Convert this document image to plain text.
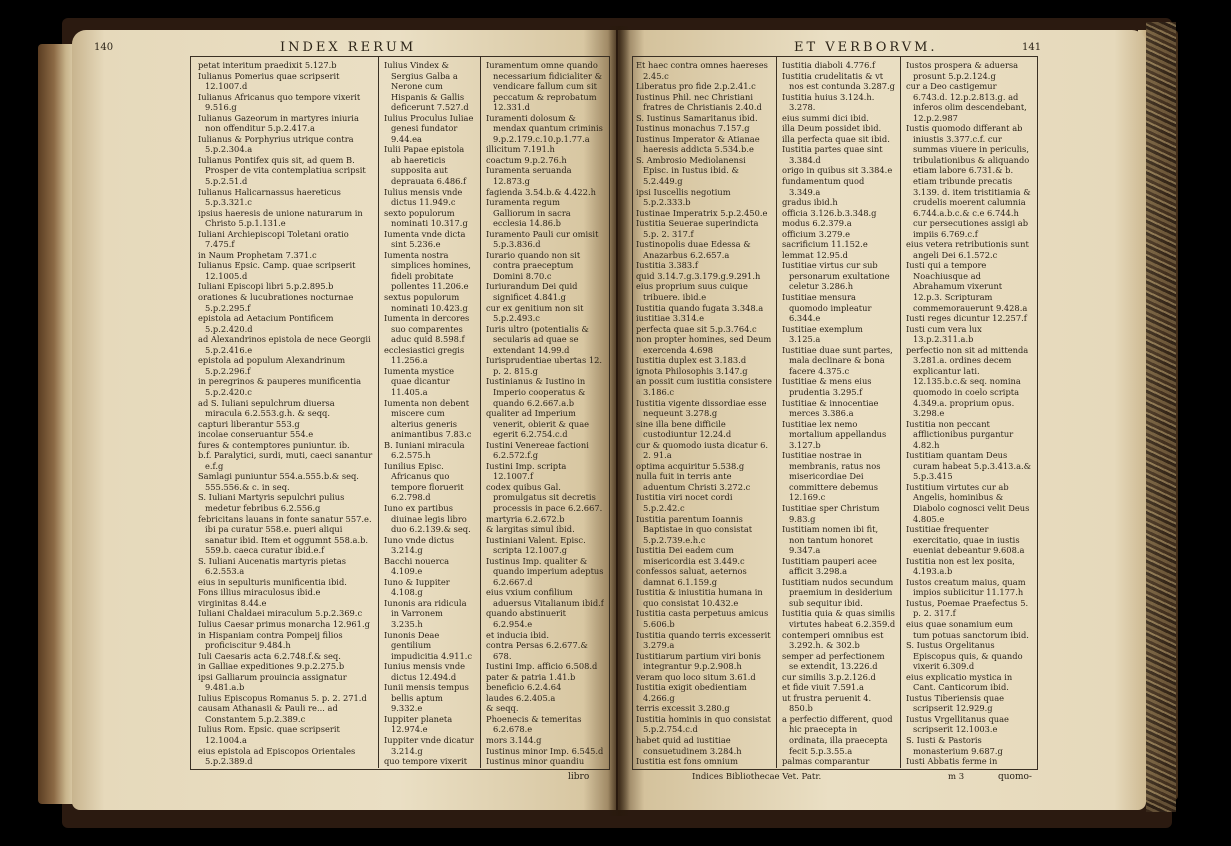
140	INDEX RERUM

petat interitum praedixit 5.127.b

Iulianus Pomerius quae scripserit 12.1007.d

Iulianus Africanus quo tempore vixerit 9.516.g

Iulianus Gazeorum in martyres iniuria non offenditur 5.p.2.417.a

Iulianus & Porphyrius utrique contra 5.p.2.304.a

Iulianus Pontifex quis sit, ad quem B. Prosper de vita contemplatiua scripsit 5.p.2.51.d

Iulianus Halicarnassus haereticus 5.p.3.321.c

ipsius haeresis de unione naturarum in Christo 5.p.1.131.e

Iuliani Archiepiscopi Toletani oratio 7.475.f

in Naum Prophetam 7.371.c

Iulianus Epsic. Camp. quae scripserit 12.1005.d

Iuliani Episcopi libri 5.p.2.895.b

orationes & lucubrationes nocturnae 5.p.2.295.f

epistola ad Aetacium Pontificem 5.p.2.420.d

ad Alexandrinos epistola de nece Georgii 5.p.2.416.e

epistola ad populum Alexandrinum 5.p.2.296.f

in peregrinos & pauperes munificentia 5.p.2.420.c

ad S. Iuliani sepulchrum diuersa miracula 6.2.553.g.h. & seqq.

capturi liberantur 553.g

incolae conseruantur 554.e

fures & contemptores puniuntur. ib.

b.f. Paralytici, surdi, muti, caeci sanantur e.f.g

Samlagi puniuntur 554.a.555.b.& seq. 555.556.& c. in seq.

S. Iuliani Martyris sepulchri pulius medetur febribus 6.2.556.g

febricitans lauans in fonte sanatur 557.e. ibi pa curatur 558.e. pueri aliqui sanatur ibid. Item et oggumnt 558.a.b. 559.b. caeca curatur ibid.e.f

S. Iuliani Aucenatis martyris pietas 6.2.553.a

eius in sepulturis munificentia ibid.

Fons illius miraculosus ibid.e

virginitas 8.44.e

Iuliani Chaldaei miraculum 5.p.2.369.c

Iulius Caesar primus monarcha 12.961.g

in Hispaniam contra Pompeij filios proficiscitur 9.484.h

Iuli Caesaris acta 6.2.748.f.& seq.

in Galliae expeditiones 9.p.2.275.b

ipsi Galliarum prouincia assignatur 9.481.a.b

Iulius Episcopus Romanus 5. p. 2. 271.d

causam Athanasii & Pauli re... ad Constantem 5.p.2.389.c

Iulius Rom. Epsic. quae scripserit 12.1004.a

eius epistola ad Episcopos Orientales 5.p.2.389.d

Iulius Vindex & Sergius Galba a Nerone cum Hispanis & Gallis deficerunt 7.527.d

Iulius Proculus Iuliae genesi fundator 9.44.ea

Iulii Papae epistola ab haereticis supposita aut deprauata 6.486.f

Iulius mensis vnde dictus 11.949.c

sexto populorum nominati 10.317.g

Iumenta vnde dicta sint 5.236.e

Iumenta nostra simplices homines, fideli probitate pollentes 11.206.e

sextus populorum nominati 10.423.g

Iumenta in dercores suo comparentes aduc quid 8.598.f

ecclesiastici gregis 11.256.a

Iumenta mystice quae dicantur 11.405.a

Iumenta non debent miscere cum alterius generis animantibus 7.83.c

B. Iuniani miracula 6.2.575.h

Iunilius Episc. Africanus quo tempore floruerit 6.2.798.d

Iuno ex partibus diuinae legis libro duo 6.2.139.& seq.

Iuno vnde dictus 3.214.g

Bacchi nouerca 4.109.e

Iuno & Iuppiter 4.108.g

Iunonis ara ridicula in Varronem 3.235.h

Iunonis Deae gentilium impudicitia 4.911.c

Iunius mensis vnde dictus 12.494.d

Iunii mensis tempus bellis aptum 9.332.e

Iuppiter planeta 12.974.e

Iuppiter vnde dicatur 3.214.g

quo tempore vixerit

Iuramentum omne quando necessarium fidicialiter & vendicare fallum cum sit peccatum & reprobatum 12.331.d

Iuramenti dolosum & mendax quantum criminis 9.p.2.179.c.10.p.1.77.a

illicitum 7.191.h

coactum 9.p.2.76.h

Iuramenta seruanda 12.873.g

fagienda 3.54.b.& 4.422.h

Iuramenta regum Galliorum in sacra ecclesia 14.86.b

Iuramento Pauli cur omisit 5.p.3.836.d

Iurario quando non sit contra praeceptum Domini 8.70.c

Iuriurandum Dei quid significet 4.841.g

cur ex genitium non sit 5.p.2.493.c

Iuris ultro (potentialis & secularis ad quae se extendant 14.99.d

Iurisprudentiae ubertas 12. p. 2. 815.g

Iustinianus & Iustino in Imperio cooperatus & quando 6.2.667.a.b

qualiter ad Imperium venerit, obierit & quae egerit 6.2.754.c.d

Iustini Venereae factioni 6.2.572.f.g

Iustini Imp. scripta 12.1007.f

codex quibus Gal. promulgatus sit decretis processis in pace 6.2.667.

martyria 6.2.672.b

& largitas simul ibid.

Iustiniani Valent. Episc. scripta 12.1007.g

Iustinus Imp. qualiter & quando imperium adeptus 6.2.667.d

eius vxium confilium aduersus Vitalianum ibid.f

quando abstinuerit 6.2.954.e

et inducia ibid.

contra Persas 6.2.677.& 678.

Iustini Imp. afficio 6.508.d

pater & patria 1.41.b

beneficio 6.2.4.64

laudes 6.2.405.a

& seqq.

Phoenecis & temeritas 6.2.678.e

mors 3.144.g

Iustinus minor Imp. 6.545.d

Iustinus minor quandiu

libro
ET VERBORVM.	141

Et haec contra omnes haereses 2.45.c

Liberatus pro fide 2.p.2.41.c

Iustinus Phil. nec Christiani fratres de Christianis 2.40.d

S. Iustinus Samaritanus ibid.

Iustinus monachus 7.157.g

Iustinus Imperator & Atianae haeresis addicta 5.534.b.e

S. Ambrosio Mediolanensi Episc. in Iustus ibid. & 5.2.449.g

ipsi Iuscellis negotium 5.p.2.333.b

Iustinae Imperatrix 5.p.2.450.e

Iustitia Seuerae superindicta 5.p. 2. 317.f

Iustinopolis duae Edessa & Anazarbus 6.2.657.a

Iustitia 3.383.f

quid 3.14.7.g.3.179.g.9.291.h

eius proprium suus cuique tribuere. ibid.e

Iustitia quando fugata 3.348.a

iustitiae 3.314.e

perfecta quae sit 5.p.3.764.c

non propter homines, sed Deum exercenda 4.698

Iustitia duplex est 3.183.d

ignota Philosophis 3.147.g

an possit cum iustitia consistere 3.186.c

Iustitia vigente dissordiae esse nequeunt 3.278.g

sine illa bene difficile custodiuntur 12.24.d

cur & quomodo iusta dicatur 6. 2. 91.a

optima acquiritur 5.538.g

nulla fuit in terris ante aduentum Christi 3.272.c

Iustitia viri nocet cordi 5.p.2.42.c

Iustitia parentum Ioannis Baptistae in quo consistat 5.p.2.739.e.h.c

Iustitia Dei eadem cum misericordia est 3.449.c

confessos saluat, aeternos damnat 6.1.159.g

Iustitia & iniustitia humana in quo consistat 10.432.e

Iustitia casta perpetuus amicus 5.606.b

Iustitia quando terris excesserit 3.279.a

Iustitiarum partium viri bonis integrantur 9.p.2.908.h

veram quo loco situm 3.61.d

Iustitia exigit obedientiam 4.266.g

terris excessit 3.280.g

Iustitia hominis in quo consistat 5.p.2.754.c.d

habet quid ad iustitiae consuetudinem 3.284.h

Iustitia est fons omnium

Iustitia diaboli 4.776.f

Iustitia crudelitatis & vt nos est contunda 3.287.g

Iustitia huius 3.124.h. 3.278.

eius summi dici ibid.

illa Deum possidet ibid.

illa perfecta quae sit ibid.

Iustitia partes quae sint 3.384.d

origo in quibus sit 3.384.e

fundamentum quod 3.349.a

gradus ibid.h

officia 3.126.b.3.348.g

modus 6.2.379.a

officium 3.279.e

sacrificium 11.152.e

lemmat 12.95.d

Iustitiae virtus cur sub personarum exultatione celetur 3.286.h

Iustitiae mensura quomodo impleatur 6.344.e

Iustitiae exemplum 3.125.a

Iustitiae duae sunt partes, mala declinare & bona facere 4.375.c

Iustitiae & mens eius prudentia 3.295.f

Iustitiae & innocentiae merces 3.386.a

Iustitiae lex nemo mortalium appellandus 3.127.b

Iustitiae nostrae in membranis, ratus nos misericordiae Dei committere debemus 12.169.c

Iustitiae sper Christum 9.83.g

Iustitiam nomen ibi fit, non tantum honoret 9.347.a

Iustitiam pauperi acee afficit 3.298.a

Iustitiam nudos secundum praemium in desiderium sub sequitur ibid.

Iustitia quia & quas similis virtutes habeat 6.2.359.d

contemperi omnibus est 3.292.h. & 302.b

semper ad perfectionem se extendit, 13.226.d

cur similis 3.p.2.126.d

et fide viuit 7.591.a

ut frustra peruenit 4. 850.b

a perfectio different, quod hic praecepta in ordinata, illa praecepta fecit 5.p.3.55.a

palmas comparantur

Iustos prospera & aduersa prosunt 5.p.2.124.g

cur a Deo castigemur 6.743.d. 12.p.2.813.g. ad inferos olim descendebant, 12.p.2.987

Iustis quomodo differant ab iniustis 3.377.c.f. cur summas viuere in periculis, tribulationibus & aliquando etiam labore 6.731.& b. etiam tribunde precatis 3.139. d. item tristitiamia & crudelis moerent calumnia 6.744.a.b.c.& c.e 6.744.h cur persecutiones assigi ab impiis 6.769.c.f

eius vetera retributionis sunt angeli Dei 6.1.572.c

Iusti qui a tempore Noachiusque ad Abrahamum vixerunt 12.p.3. Scripturam commemorauerunt 9.428.a

Iusti reges dicuntur 12.257.f

Iusti cum vera lux 13.p.2.311.a.b

perfectio non sit ad mittenda 3.281.a. ordines decem explicantur lati. 12.135.b.c.& seq. nomina quomodo in coelo scripta 4.349.a. proprium opus. 3.298.e

Iustitia non peccant afflictionibus purgantur 4.82.h

Iustitiam quantam Deus curam habeat 5.p.3.413.a.& 5.p.3.415

Iustitium virtutes cur ab Angelis, hominibus & Diabolo cognosci velit Deus 4.805.e

Iustitiae frequenter exercitatio, quae in iustis eueniat debeantur 9.608.a

Iustitia non est lex posita, 4.193.a.b

Iustos creatum maius, quam impios subiicitur 11.177.h

Iustus, Poemae Praefectus 5. p. 2. 317.f

eius quae sonamium eum tum potuas sanctorum ibid.

S. Iustus Orgelitanus Episcopus quis, & quando vixerit 6.309.d

eius explicatio mystica in Cant. Canticorum ibid.

Iustus Tiberiensis quae scripserit 12.929.g

Iustus Vrgellitanus quae scripserit 12.1003.e

S. Iusti & Pastoris monasterium 9.687.g

Iusti Abbatis ferme in

Indices Bibliothecae Vet. Patr.	m 3	quomo-
